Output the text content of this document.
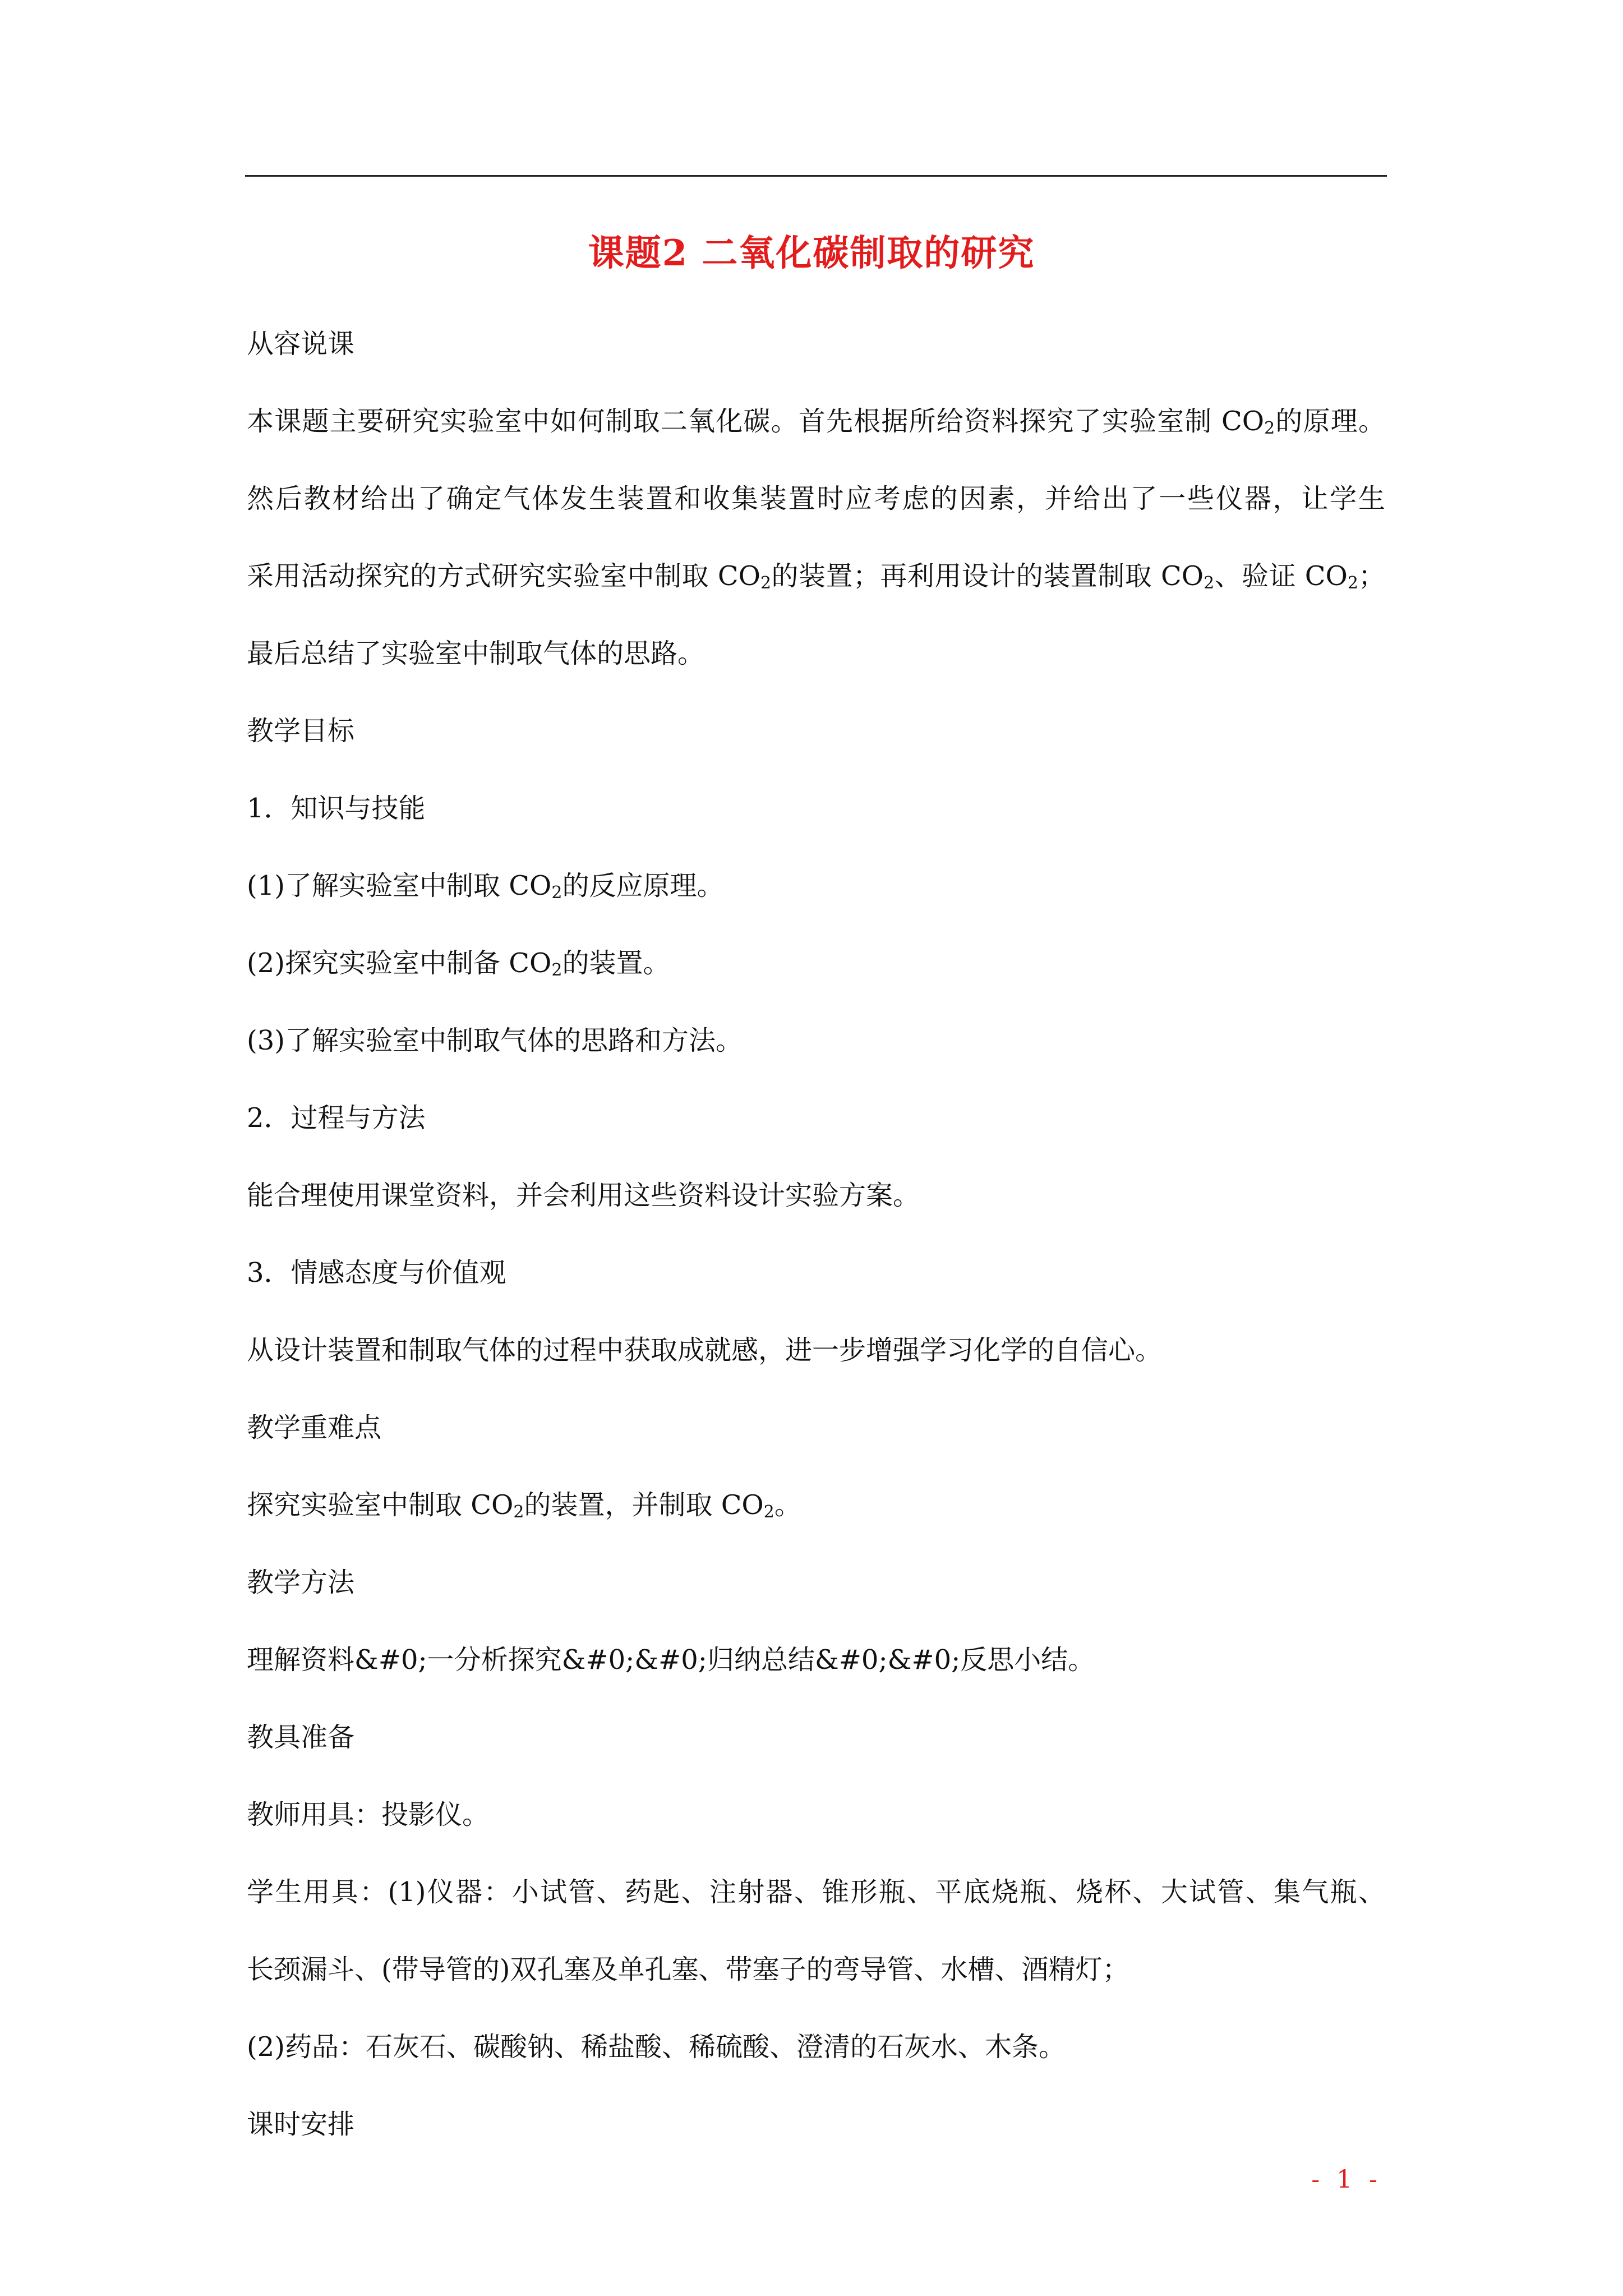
课题2 二氧化碳制取的研究
从容说课
本课题主要研究实验室中如何制取二氧化碳。首先根据所给资料探究了实验室制 $CO_2$的原理。
然后教材给出了确定气体发生装置和收集装置时应考虑的因素，并给出了一些仪器，让学生
采用活动探究的方式研究实验室中制取 $CO_2$的装置；再利用设计的装置制取 $CO_2$、验证 $CO_2$；
最后总结了实验室中制取气体的思路。
教学目标
1．知识与技能
(1)了解实验室中制取 $CO_2$的反应原理。
(2)探究实验室中制备 $CO_2$的装置。
(3)了解实验室中制取气体的思路和方法。
2．过程与方法
能合理使用课堂资料，并会利用这些资料设计实验方案。
3．情感态度与价值观
从设计装置和制取气体的过程中获取成就感，进一步增强学习化学的自信心。
教学重难点
探究实验室中制取 $CO_2$的装置，并制取 $CO_2$。
教学方法
理解资料&#0;一分析探究&#0;&#0;归纳总结&#0;&#0;反思小结。
教具准备
教师用具：投影仪。
学生用具：(1)仪器：小试管、药匙、注射器、锥形瓶、平底烧瓶、烧杯、大试管、集气瓶、
长颈漏斗、(带导管的)双孔塞及单孔塞、带塞子的弯导管、水槽、酒精灯；
(2)药品：石灰石、碳酸钠、稀盐酸、稀硫酸、澄清的石灰水、木条。
课时安排
- 1 -
